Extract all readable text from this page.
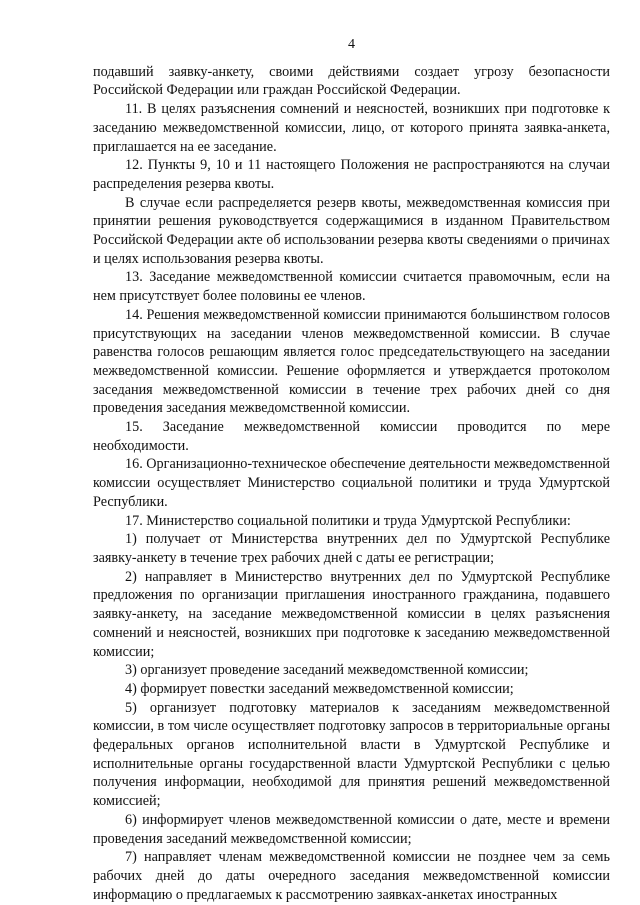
4

подавший заявку-анкету, своими действиями создает угрозу безопасности Российской Федерации или граждан Российской Федерации.

11. В целях разъяснения сомнений и неясностей, возникших при подготовке к заседанию межведомственной комиссии, лицо, от которого принята заявка-анкета, приглашается на ее заседание.

12. Пункты 9, 10 и 11 настоящего Положения не распространяются на случаи распределения резерва квоты.

В случае если распределяется резерв квоты, межведомственная комиссия при принятии решения руководствуется содержащимися в изданном Правительством Российской Федерации акте об использовании резерва квоты сведениями о причинах и целях использования резерва квоты.

13. Заседание межведомственной комиссии считается правомочным, если на нем присутствует более половины ее членов.

14. Решения межведомственной комиссии принимаются большинством голосов присутствующих на заседании членов межведомственной комиссии. В случае равенства голосов решающим является голос председательствующего на заседании межведомственной комиссии. Решение оформляется и утверждается протоколом заседания межведомственной комиссии в течение трех рабочих дней со дня проведения заседания межведомственной комиссии.

15. Заседание межведомственной комиссии проводится по мере необходимости.

16. Организационно-техническое обеспечение деятельности межведомственной комиссии осуществляет Министерство социальной политики и труда Удмуртской Республики.

17. Министерство социальной политики и труда Удмуртской Республики:

1) получает от Министерства внутренних дел по Удмуртской Республике заявку-анкету в течение трех рабочих дней с даты ее регистрации;

2) направляет в Министерство внутренних дел по Удмуртской Республике предложения по организации приглашения иностранного гражданина, подавшего заявку-анкету, на заседание межведомственной комиссии в целях разъяснения сомнений и неясностей, возникших при подготовке к заседанию межведомственной комиссии;

3) организует проведение заседаний межведомственной комиссии;

4) формирует повестки заседаний межведомственной комиссии;

5) организует подготовку материалов к заседаниям межведомственной комиссии, в том числе осуществляет подготовку запросов в территориальные органы федеральных органов исполнительной власти в Удмуртской Республике и исполнительные органы государственной власти Удмуртской Республики с целью получения информации, необходимой для принятия решений межведомственной комиссией;

6) информирует членов межведомственной комиссии о дате, месте и времени проведения заседаний межведомственной комиссии;

7) направляет членам межведомственной комиссии не позднее чем за семь рабочих дней до даты очередного заседания межведомственной комиссии информацию о предлагаемых к рассмотрению заявках-анкетах иностранных
